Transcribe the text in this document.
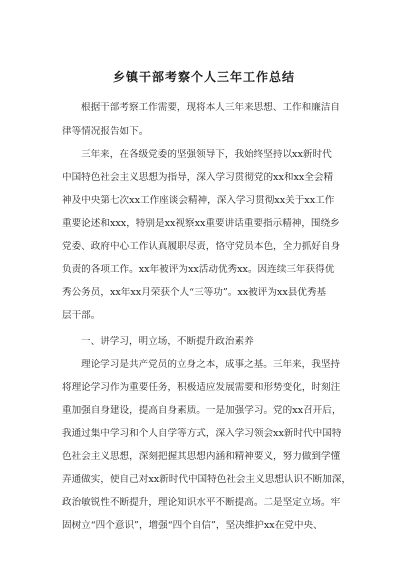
乡镇干部考察个人三年工作总结

根据干部考察工作需要，现将本人三年来思想、工作和廉洁自

律等情况报告如下。

三年来，在各级党委的坚强领导下，我始终坚持以xx新时代

中国特色社会主义思想为指导，深入学习贯彻党的xx和xx全会精

神及中央第七次xx工作座谈会精神，深入学习贯彻xx关于xx工作

重要论述和xxx，特别是xx视察xx重要讲话重要指示精神，围绕乡

党委、政府中心工作认真履职尽责，恪守党员本色，全力抓好自身

负责的各项工作。xx年被评为xx活动优秀xx。因连续三年获得优

秀公务员，xx年xx月荣获个人“三等功”。xx被评为xx县优秀基

层干部。

一、讲学习，明立场，不断提升政治素养

理论学习是共产党员的立身之本，成事之基。三年来，我坚持

将理论学习作为重要任务，积极适应发展需要和形势变化，时刻注

重加强自身建设，提高自身素质。一是加强学习。党的xx召开后，

我通过集中学习和个人自学等方式，深入学习领会xx新时代中国特

色社会主义思想，深刻把握其思想内涵和精神要义，努力做到学懂

弄通做实，使自己对xx新时代中国特色社会主义思想认识不断加深，

政治敏锐性不断提升，理论知识水平不断提高。二是坚定立场。牢

固树立“四个意识”，增强“四个自信”，坚决维护xx在党中央、
